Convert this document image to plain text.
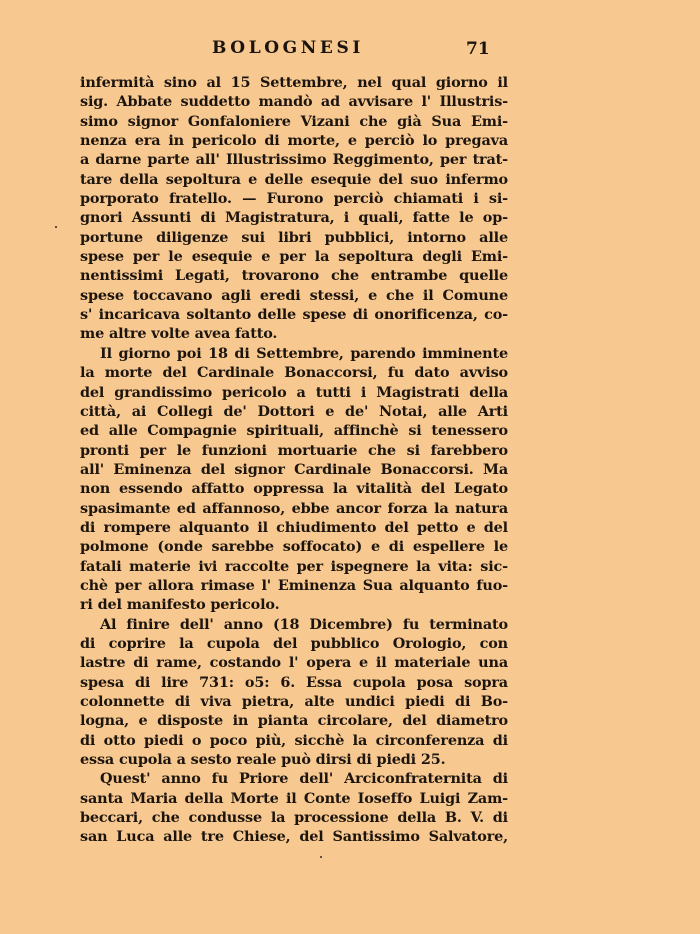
BOLOGNESI	71
infermità sino al 15 Settembre, nel qual giorno il
sig. Abbate suddetto mandò ad avvisare l' Illustris-
simo signor Gonfaloniere Vizani che già Sua Emi-
nenza era in pericolo di morte, e perciò lo pregava
a darne parte all' Illustrissimo Reggimento, per trat-
tare della sepoltura e delle esequie del suo infermo
porporato fratello. — Furono perciò chiamati i si-
gnori Assunti di Magistratura, i quali, fatte le op-
portune diligenze sui libri pubblici, intorno alle
spese per le esequie e per la sepoltura degli Emi-
nentissimi Legati, trovarono che entrambe quelle
spese toccavano agli eredi stessi, e che il Comune
s' incaricava soltanto delle spese di onorificenza, co-
me altre volte avea fatto.
Il giorno poi 18 di Settembre, parendo imminente
la morte del Cardinale Bonaccorsi, fu dato avviso
del grandissimo pericolo a tutti i Magistrati della
città, ai Collegi de' Dottori e de' Notai, alle Arti
ed alle Compagnie spirituali, affinchè si tenessero
pronti per le funzioni mortuarie che si farebbero
all' Eminenza del signor Cardinale Bonaccorsi. Ma
non essendo affatto oppressa la vitalità del Legato
spasimante ed affannoso, ebbe ancor forza la natura
di rompere alquanto il chiudimento del petto e del
polmone (onde sarebbe soffocato) e di espellere le
fatali materie ivi raccolte per ispegnere la vita: sic-
chè per allora rimase l' Eminenza Sua alquanto fuo-
ri del manifesto pericolo.
Al finire dell' anno (18 Dicembre) fu terminato
di coprire la cupola del pubblico Orologio, con
lastre di rame, costando l' opera e il materiale una
spesa di lire 731: o5: 6. Essa cupola posa sopra
colonnette di viva pietra, alte undici piedi di Bo-
logna, e disposte in pianta circolare, del diametro
di otto piedi o poco più, sicchè la circonferenza di
essa cupola a sesto reale può dirsi di piedi 25.
Quest' anno fu Priore dell' Arciconfraternita di
santa Maria della Morte il Conte Ioseffo Luigi Zam-
beccari, che condusse la processione della B. V. di
san Luca alle tre Chiese, del Santissimo Salvatore,
